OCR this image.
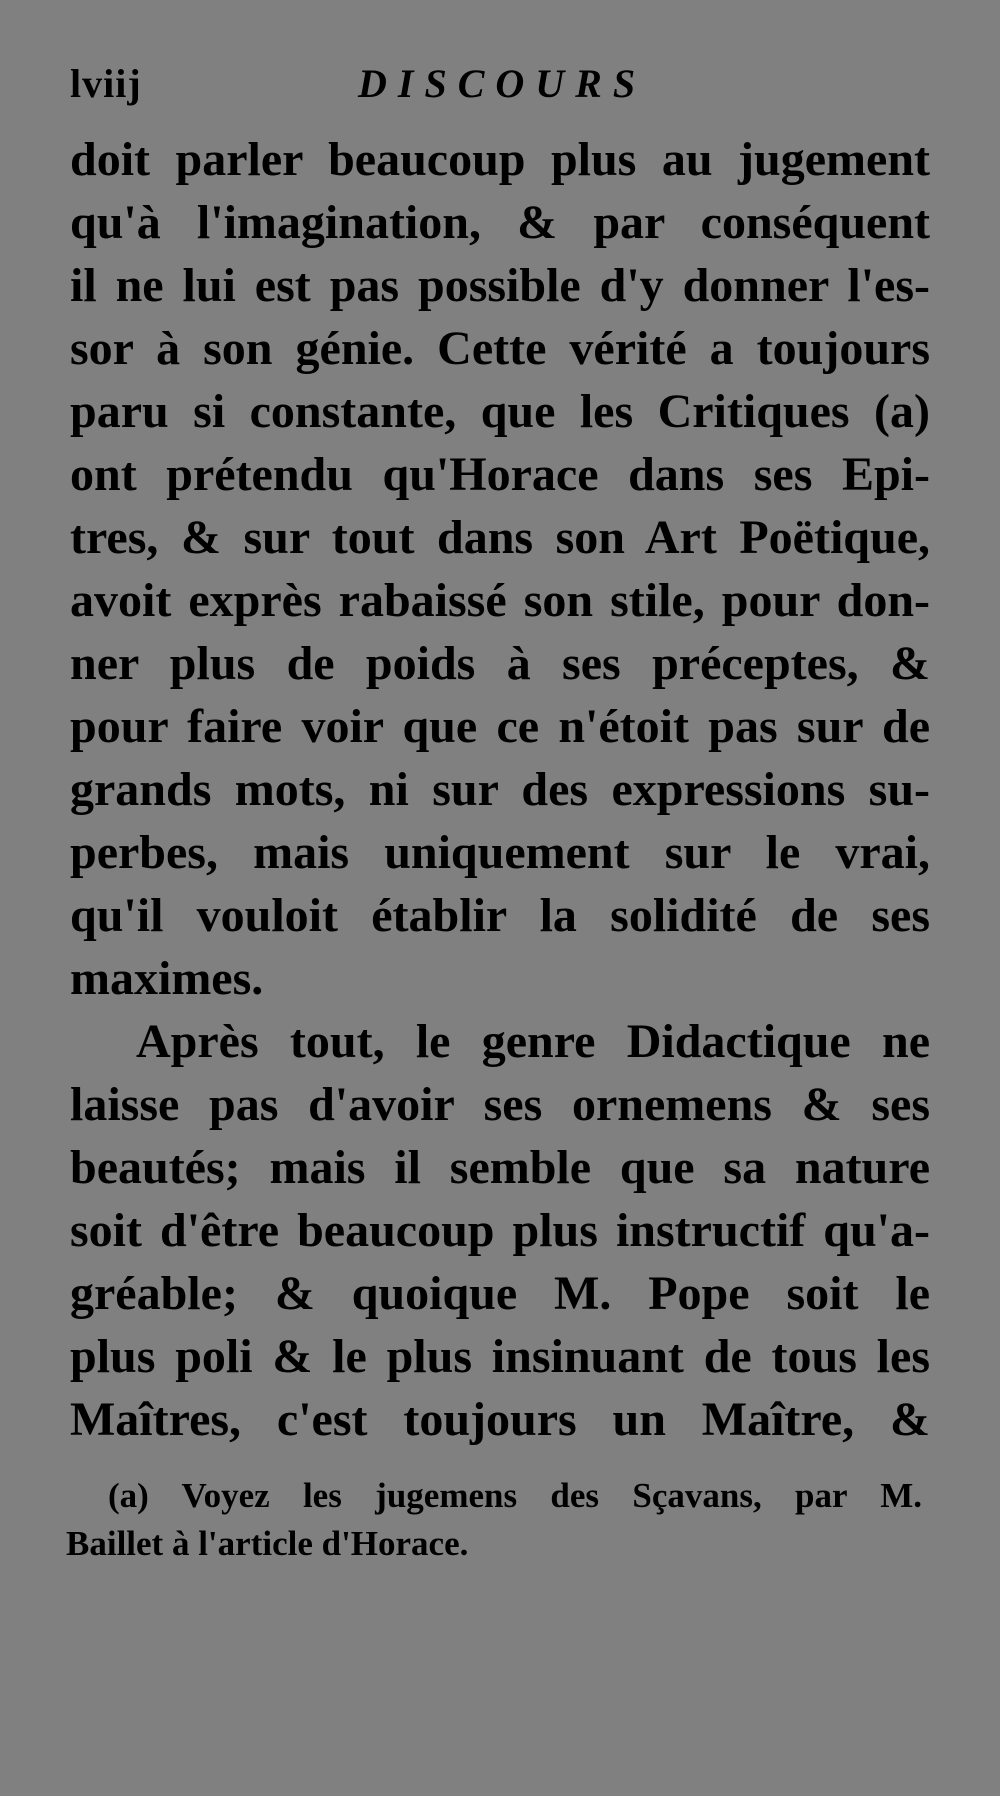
lviij	DISCOURS
doit parler beaucoup plus au jugement
qu'à l'imagination, & par conséquent
il ne lui est pas possible d'y donner l'es-
sor à son génie. Cette vérité a toujours
paru si constante, que les Critiques (a)
ont prétendu qu'Horace dans ses Epi-
tres, & sur tout dans son Art Poëtique,
avoit exprès rabaissé son stile, pour don-
ner plus de poids à ses préceptes, &
pour faire voir que ce n'étoit pas sur de
grands mots, ni sur des expressions su-
perbes, mais uniquement sur le vrai,
qu'il vouloit établir la solidité de ses
maximes.
Après tout, le genre Didactique ne
laisse pas d'avoir ses ornemens & ses
beautés; mais il semble que sa nature
soit d'être beaucoup plus instructif qu'a-
gréable; & quoique M. Pope soit le
plus poli & le plus insinuant de tous les
Maîtres, c'est toujours un Maître, &
(a) Voyez les jugemens des Sçavans, par M.
Baillet à l'article d'Horace.
